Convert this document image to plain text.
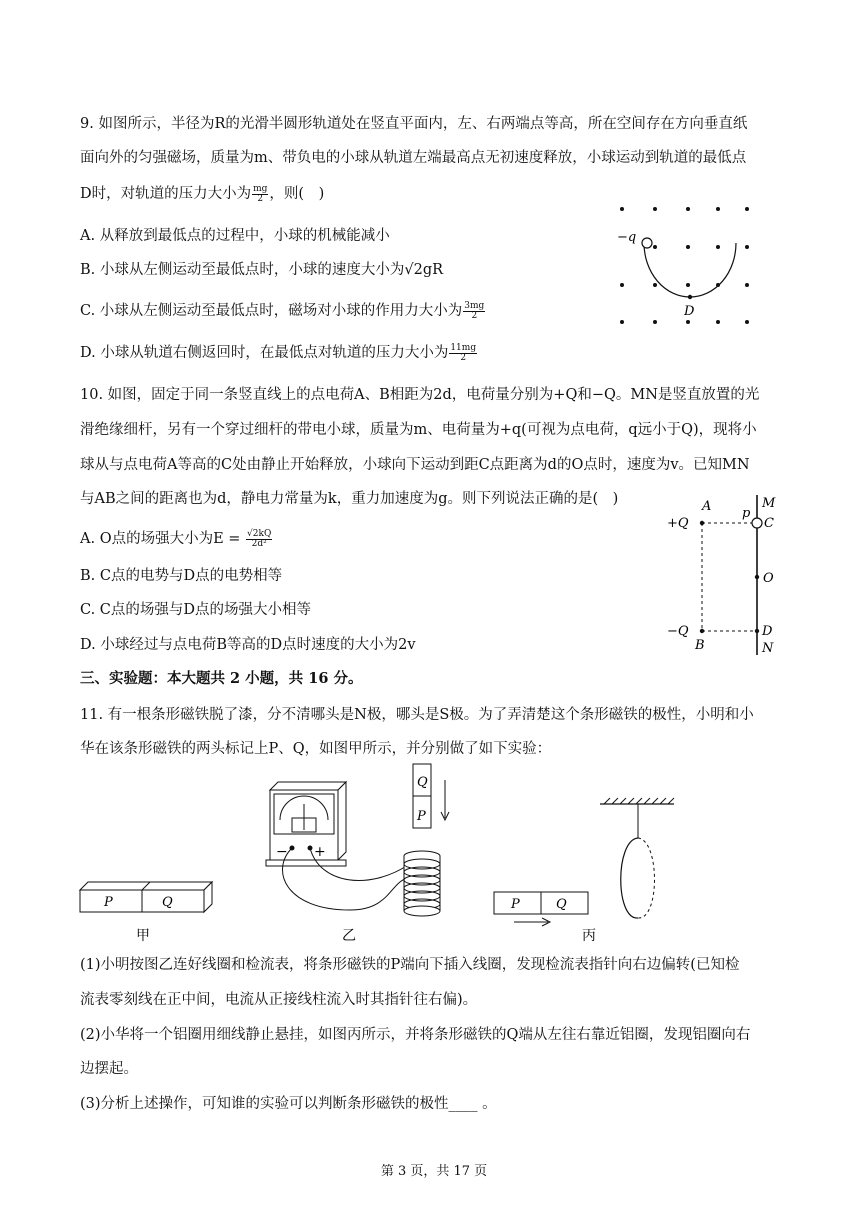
9. 如图所示，半径为R的光滑半圆形轨道处在竖直平面内，左、右两端点等高，所在空间存在方向垂直纸
面向外的匀强磁场，质量为m、带负电的小球从轨道左端最高点无初速度释放，小球运动到轨道的最低点
D时，对轨道的压力大小为 $\frac{mg}{2}$ ，则(　)
A. 从释放到最低点的过程中，小球的机械能减小
B. 小球从左侧运动至最低点时，小球的速度大小为√2gR
C. 小球从左侧运动至最低点时，磁场对小球的作用力大小为 $\frac{3mg}{2}$
D. 小球从轨道右侧返回时，在最低点对轨道的压力大小为 $\frac{11mg}{2}$
−q
D
10. 如图，固定于同一条竖直线上的点电荷A、B相距为2d，电荷量分别为+Q和−Q。MN是竖直放置的光
滑绝缘细杆，另有一个穿过细杆的带电小球，质量为m、电荷量为+q(可视为点电荷，q远小于Q)，现将小
球从与点电荷A等高的C处由静止开始释放，小球向下运动到距C点距离为d的O点时，速度为v。已知MN
与AB之间的距离也为d，静电力常量为k，重力加速度为g。则下列说法正确的是(　)
A. O点的场强大小为$E = \frac{√2kQ}{\text{2d²}}$
B. C点的电势与D点的电势相等
C. C点的场强与D点的场强大小相等
D. 小球经过与点电荷B等高的D点时速度的大小为2v
A	M
+Q
p
C
O
−Q	D
B	N
三、实验题：本大题共 2 小题，共 16 分。
11. 有一根条形磁铁脱了漆，分不清哪头是N极，哪头是S极。为了弄清楚这个条形磁铁的极性，小明和小
华在该条形磁铁的两头标记上P、Q，如图甲所示，并分别做了如下实验：
P	Q
甲
− +
Q
P
乙
P	Q
丙
(1)小明按图乙连好线圈和检流表，将条形磁铁的P端向下插入线圈，发现检流表指针向右边偏转(已知检
流表零刻线在正中间，电流从正接线柱流入时其指针往右偏)。
(2)小华将一个铝圈用细线静止悬挂，如图丙所示，并将条形磁铁的Q端从左往右靠近铝圈，发现铝圈向右
边摆起。
(3)分析上述操作，可知谁的实验可以判断条形磁铁的极性____ 。
第 3 页，共 17 页
